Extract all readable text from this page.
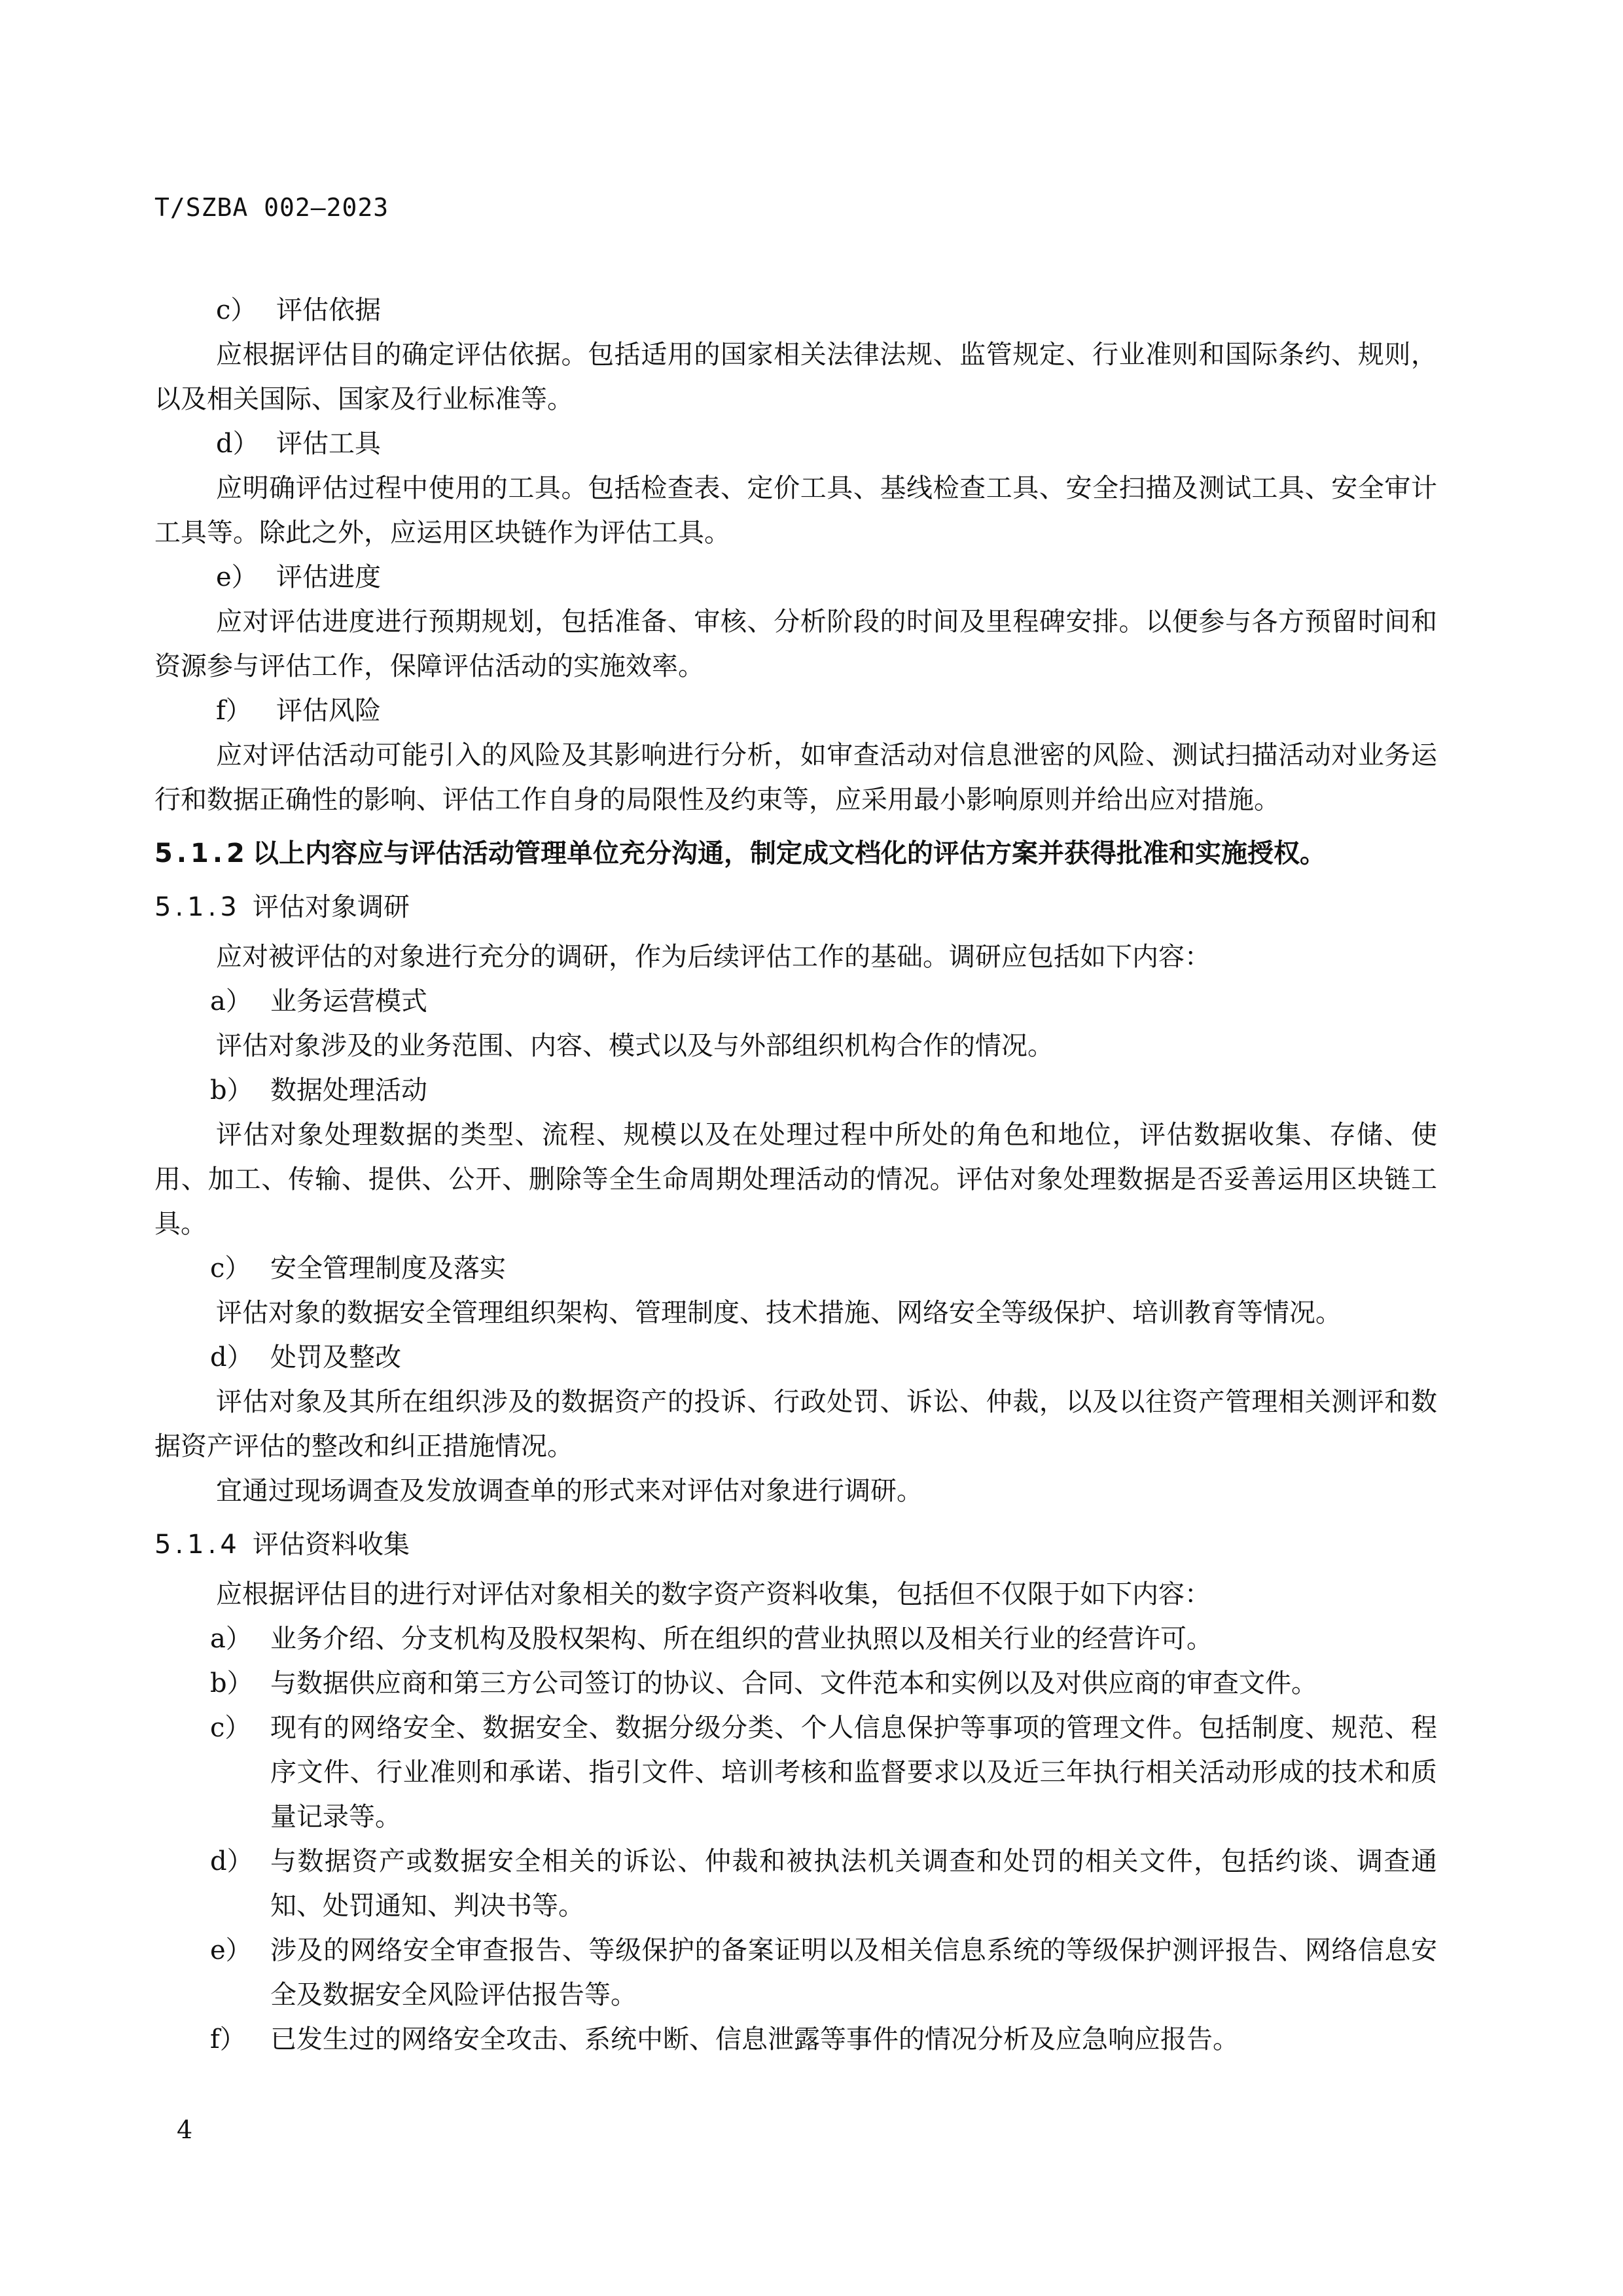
T/SZBA 002—2023

c） 评估依据

应根据评估目的确定评估依据。包括适用的国家相关法律法规、监管规定、行业准则和国际条约、规则，以及相关国际、国家及行业标准等。

d） 评估工具

应明确评估过程中使用的工具。包括检查表、定价工具、基线检查工具、安全扫描及测试工具、安全审计工具等。除此之外，应运用区块链作为评估工具。

e） 评估进度

应对评估进度进行预期规划，包括准备、审核、分析阶段的时间及里程碑安排。以便参与各方预留时间和资源参与评估工作，保障评估活动的实施效率。

f） 评估风险

应对评估活动可能引入的风险及其影响进行分析，如审查活动对信息泄密的风险、测试扫描活动对业务运行和数据正确性的影响、评估工作自身的局限性及约束等，应采用最小影响原则并给出应对措施。

5.1.2 以上内容应与评估活动管理单位充分沟通，制定成文档化的评估方案并获得批准和实施授权。

5.1.3 评估对象调研

应对被评估的对象进行充分的调研，作为后续评估工作的基础。调研应包括如下内容：

a） 业务运营模式

评估对象涉及的业务范围、内容、模式以及与外部组织机构合作的情况。

b） 数据处理活动

评估对象处理数据的类型、流程、规模以及在处理过程中所处的角色和地位，评估数据收集、存储、使用、加工、传输、提供、公开、删除等全生命周期处理活动的情况。评估对象处理数据是否妥善运用区块链工具。

c） 安全管理制度及落实

评估对象的数据安全管理组织架构、管理制度、技术措施、网络安全等级保护、培训教育等情况。

d） 处罚及整改

评估对象及其所在组织涉及的数据资产的投诉、行政处罚、诉讼、仲裁，以及以往资产管理相关测评和数据资产评估的整改和纠正措施情况。

宜通过现场调查及发放调查单的形式来对评估对象进行调研。

5.1.4 评估资料收集

应根据评估目的进行对评估对象相关的数字资产资料收集，包括但不仅限于如下内容：

a） 业务介绍、分支机构及股权架构、所在组织的营业执照以及相关行业的经营许可。
b） 与数据供应商和第三方公司签订的协议、合同、文件范本和实例以及对供应商的审查文件。
c） 现有的网络安全、数据安全、数据分级分类、个人信息保护等事项的管理文件。包括制度、规范、程序文件、行业准则和承诺、指引文件、培训考核和监督要求以及近三年执行相关活动形成的技术和质量记录等。
d） 与数据资产或数据安全相关的诉讼、仲裁和被执法机关调查和处罚的相关文件，包括约谈、调查通知、处罚通知、判决书等。
e） 涉及的网络安全审查报告、等级保护的备案证明以及相关信息系统的等级保护测评报告、网络信息安全及数据安全风险评估报告等。
f） 已发生过的网络安全攻击、系统中断、信息泄露等事件的情况分析及应急响应报告。
4
